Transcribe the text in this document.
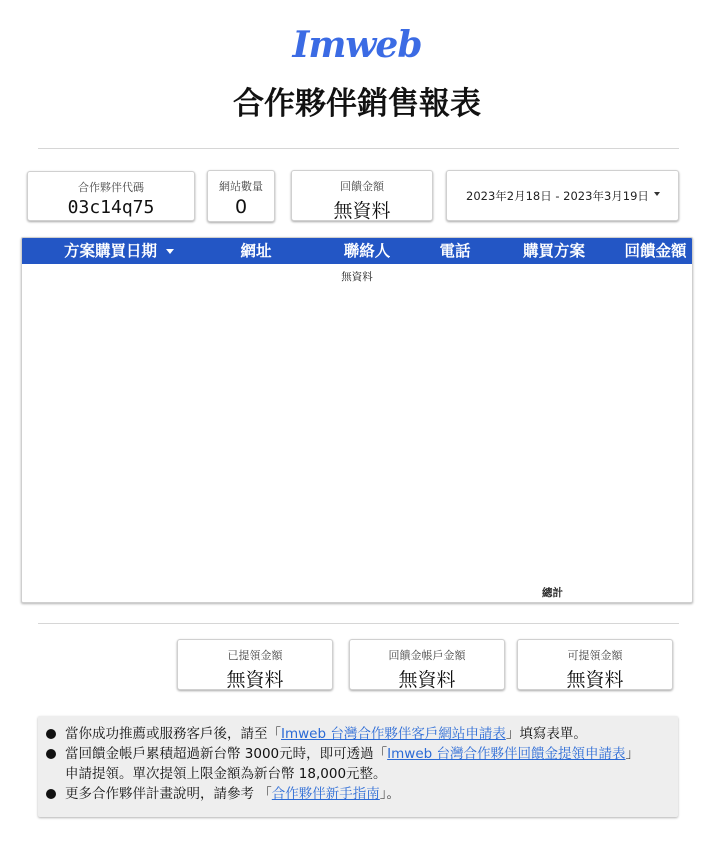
Imweb
合作夥伴銷售報表
合作夥伴代碼
03c14q75
網站數量
0
回饋金額
無資料
2023年2月18日 - 2023年3月19日
方案購買日期	網址	聯絡人	電話	購買方案	回饋金額
無資料
總計
已提領金額
無資料
回饋金帳戶金額
無資料
可提領金額
無資料
當你成功推薦或服務客戶後，請至「Imweb 台灣合作夥伴客戶網站申請表」填寫表單。
當回饋金帳戶累積超過新台幣 3000元時，即可透過「Imweb 台灣合作夥伴回饋金提領申請表」
申請提領。單次提領上限金額為新台幣 18,000元整。
更多合作夥伴計畫說明，請參考 「合作夥伴新手指南」。
